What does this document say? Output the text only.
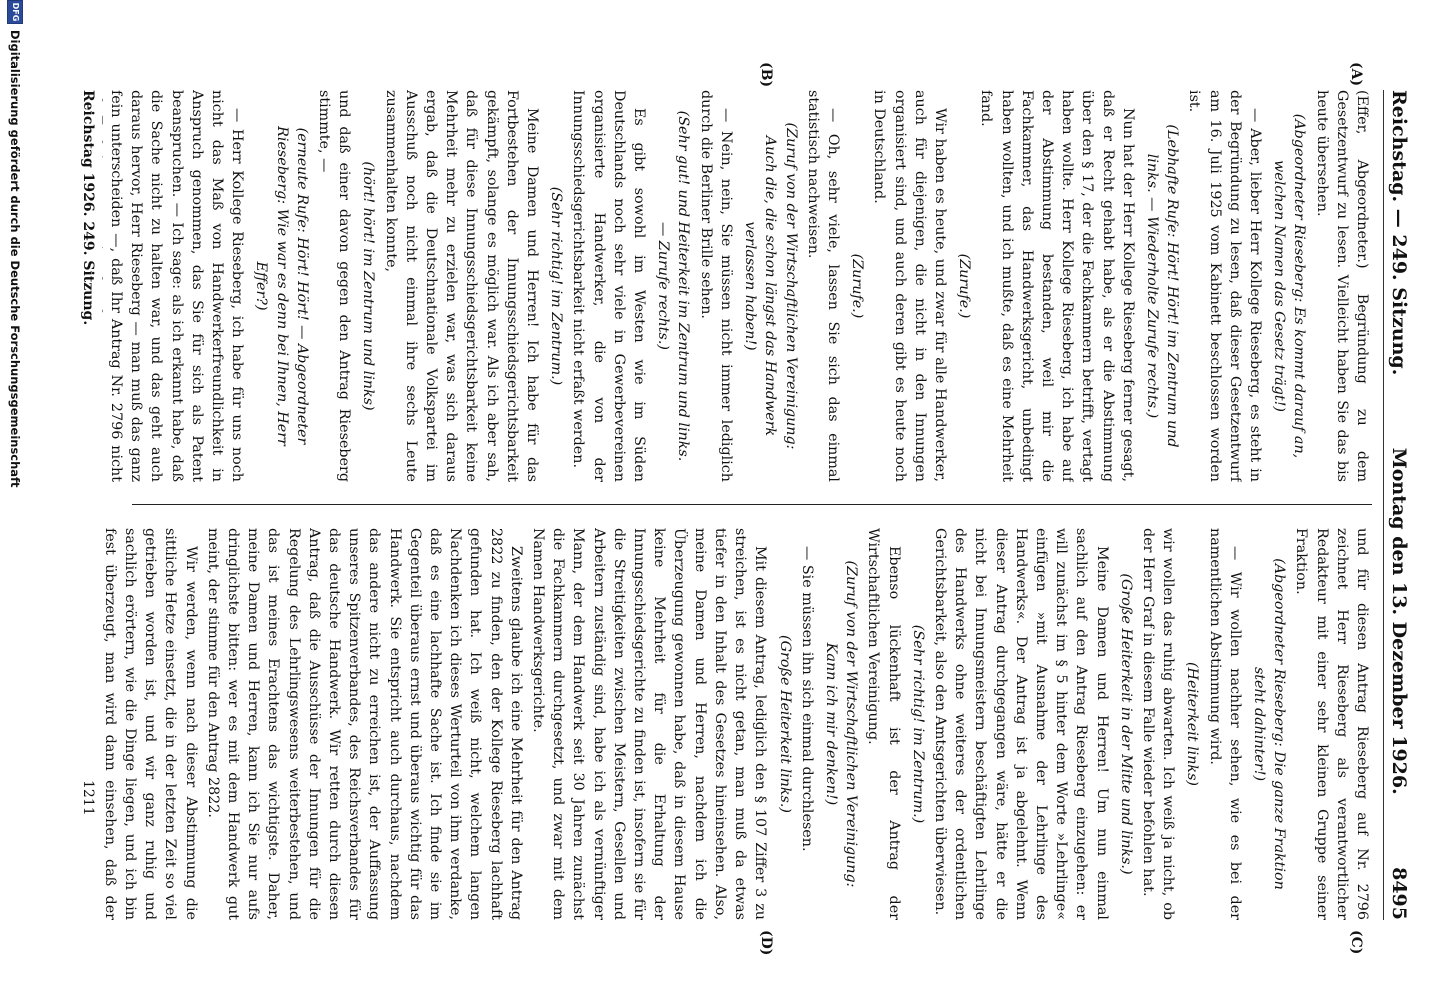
Reichstag. — 249. Sitzung.
Montag den 13. Dezember 1926.
8495
(A)
(B)
(C)
(D)

(Effer, Abgeordneter.) Begründung zu dem Gesetzentwurf zu lesen. Vielleicht haben Sie das bis heute übersehen.

(Abgeordneter Rieseberg: Es kommt darauf an, welchen Namen das Gesetz trägt!)

— Aber, lieber Herr Kollege Rieseberg, es steht in der Begründung zu lesen, daß dieser Gesetzentwurf am 16. Juli 1925 vom Kabinett beschlossen worden ist.

(Lebhafte Rufe: Hört! Hört! im Zentrum und links. — Wiederholte Zurufe rechts.)

Nun hat der Herr Kollege Rieseberg ferner gesagt, daß er Recht gehabt habe, als er die Abstimmung über den § 17, der die Fachkammern betrifft, vertagt haben wollte. Herr Kollege Rieseberg, ich habe auf der Abstimmung bestanden, weil mir die Fachkammer, das Handwerksgericht, unbedingt haben wollten, und ich mußte, daß es eine Mehrheit fand.

(Zurufe.)

Wir haben es heute, und zwar für alle Handwerker, auch für diejenigen, die nicht in den Innungen organisiert sind, und auch deren gibt es heute noch in Deutschland.

(Zurufe.)

— Oh, sehr viele, lassen Sie sich das einmal statistisch nachweisen.

(Zuruf von der Wirtschaftlichen Vereinigung: Auch die, die schon längst das Handwerk verlassen haben!)

— Nein, nein, Sie müssen nicht immer lediglich durch die Berliner Brille sehen.

(Sehr gut! und Heiterkeit im Zentrum und links. — Zurufe rechts.)

Es gibt sowohl im Westen wie im Süden Deutschlands noch sehr viele in Gewerbevereinen organisierte Handwerker, die von der Innungsschiedsgerichtsbarkeit nicht erfaßt werden.

(Sehr richtig! im Zentrum.)

Meine Damen und Herren! Ich habe für das Fortbestehen der Innungsschiedsgerichtsbarkeit gekämpft, solange es möglich war. Als ich aber sah, daß für diese Innungsschiedsgerichtsbarkeit keine Mehrheit mehr zu erzielen war, was sich daraus ergab, daß die Deutschnationale Volkspartei im Ausschuß noch nicht einmal ihre sechs Leute zusammenhalten konnte,

(hört! hört! im Zentrum und links)

und daß einer davon gegen den Antrag Rieseberg stimmte, —

(erneute Rufe: Hört! Hört! — Abgeordneter Rieseberg: Wie war es denn bei Ihnen, Herr Effer?)

— Herr Kollege Rieseberg, ich habe für uns noch nicht das Maß von Handwerkerfreundlichkeit in Anspruch genommen, das Sie für sich als Patent beanspruchen. — Ich sage: als ich erkannt habe, daß die Sache nicht zu halten war, und das geht auch daraus hervor, Herr Rieseberg — man muß das ganz fein unterscheiden —, daß Ihr Antrag Nr. 2796 nicht

und für diesen Antrag Rieseberg auf Nr. 2796 zeichnet Herr Rieseberg als verantwortlicher Redakteur mit einer sehr kleinen Gruppe seiner Fraktion.

(Abgeordneter Rieseberg: Die ganze Fraktion steht dahinter!)

— Wir wollen nachher sehen, wie es bei der namentlichen Abstimmung wird.

(Heiterkeit links)

wir wollen das ruhig abwarten. Ich weiß ja nicht, ob der Herr Graf in diesem Falle wieder befohlen hat.

(Große Heiterkeit in der Mitte und links.)

Meine Damen und Herren! Um nun einmal sachlich auf den Antrag Rieseberg einzugehen: er will zunächst im § 5 hinter dem Worte »Lehrlinge« einfügen »mit Ausnahme der Lehrlinge des Handwerks«. Der Antrag ist ja abgelehnt. Wenn dieser Antrag durchgegangen wäre, hätte er die nicht bei Innungsmeistern beschäftigten Lehrlinge des Handwerks ohne weiteres der ordentlichen Gerichtsbarkeit, also den Amtsgerichten überwiesen.

(Sehr richtig! im Zentrum.)

Ebenso lückenhaft ist der Antrag der Wirtschaftlichen Vereinigung.

(Zuruf von der Wirtschaftlichen Vereinigung: Kann ich mir denken!)

— Sie müssen ihn sich einmal durchlesen.

(Große Heiterkeit links.)

Mit diesem Antrag, lediglich den § 107 Ziffer 3 zu streichen, ist es nicht getan, man muß da etwas tiefer in den Inhalt des Gesetzes hineinsehen. Also, meine Damen und Herren, nachdem ich die Überzeugung gewonnen habe, daß in diesem Hause keine Mehrheit für die Erhaltung der Innungsschiedsgerichte zu finden ist, insofern sie für die Streitigkeiten zwischen Meistern, Gesellen und Arbeitern zuständig sind, habe ich als vernünftiger Mann, der dem Handwerk seit 30 Jahren zunächst die Fachkammern durchgesetzt, und zwar mit dem Namen Handwerksgerichte.

Zweitens glaube ich eine Mehrheit für den Antrag 2822 zu finden, den der Kollege Rieseberg lachhaft gefunden hat. Ich weiß nicht, welchem langen Nachdenken ich dieses Werturteil von ihm verdanke, daß es eine lachhafte Sache ist. Ich finde sie im Gegenteil überaus ernst und überaus wichtig für das Handwerk. Sie entspricht auch durchaus, nachdem das andere nicht zu erreichen ist, der Auffassung unseres Spitzenverbandes, des Reichsverbandes für das deutsche Handwerk. Wir retten durch diesen Antrag, daß die Ausschüsse der Innungen für die Regelung des Lehrlingswesens weiterbestehen, und das ist meines Erachtens das wichtigste. Daher, meine Damen und Herren, kann ich Sie nur aufs dringlichste bitten: wer es mit dem Handwerk gut meint, der stimme für den Antrag 2822.

Wir werden, wenn nach dieser Abstimmung die sittliche Hetze einsetzt, die in der letzten Zeit so viel getrieben worden ist, und wir ganz ruhig und sachlich erörtern, wie die Dinge liegen, und ich bin fest überzeugt, man wird dann einsehen, daß der

Reichstag 1926. 249. Sitzung.
1211
DFG
Digitalisierung gefördert durch die Deutsche Forschungsgemeinschaft
